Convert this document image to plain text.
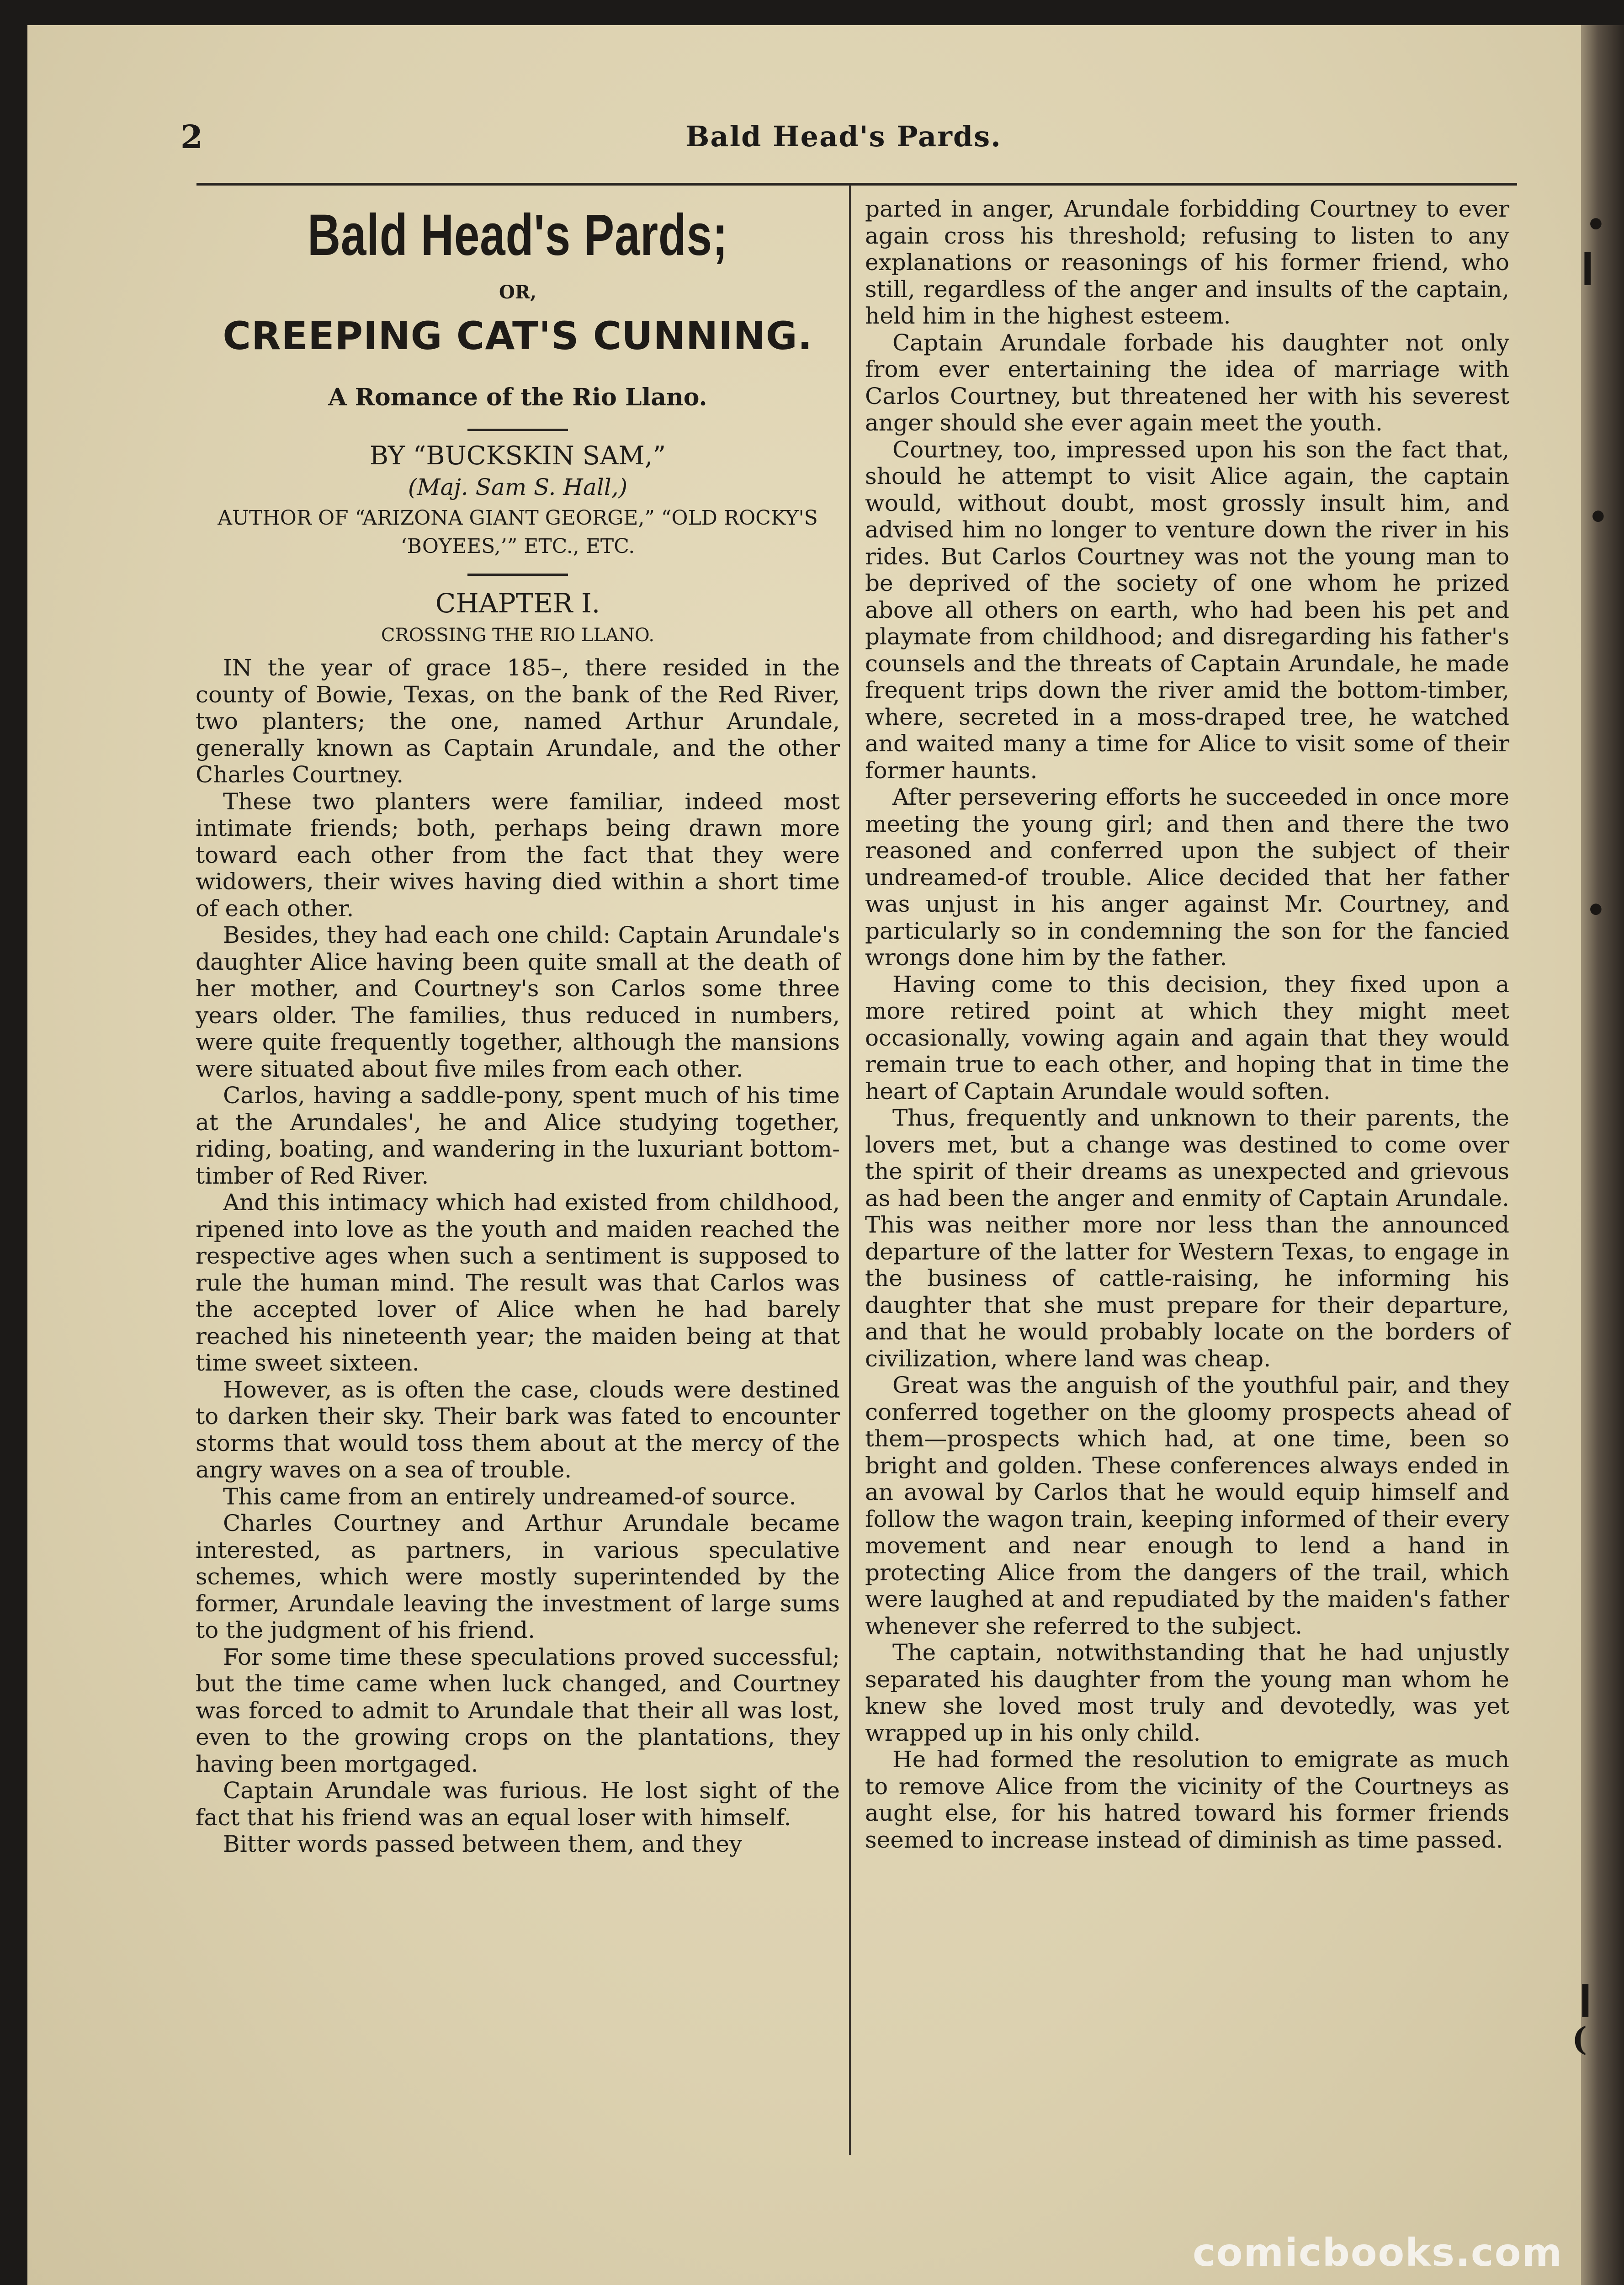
•
❙
•
•
❙
(
2	Bald Head's Pards.
Bald Head's Pards;
OR,
CREEPING CAT'S CUNNING.
A Romance of the Rio Llano.
BY “BUCKSKIN SAM,”
(Maj. Sam S. Hall,)
AUTHOR OF “ARIZONA GIANT GEORGE,” “OLD ROCKY'S ‘BOYEES,’” ETC., ETC.
CHAPTER I.
CROSSING THE RIO LLANO.

IN the year of grace 185–, there resided in the county of Bowie, Texas, on the bank of the Red River, two planters; the one, named Arthur Arundale, generally known as Captain Arundale, and the other Charles Courtney.

These two planters were familiar, indeed most intimate friends; both, perhaps being drawn more toward each other from the fact that they were widowers, their wives having died within a short time of each other.

Besides, they had each one child: Captain Arundale's daughter Alice having been quite small at the death of her mother, and Courtney's son Carlos some three years older. The families, thus reduced in numbers, were quite frequently together, although the mansions were situated about five miles from each other.

Carlos, having a saddle-pony, spent much of his time at the Arundales', he and Alice studying together, riding, boating, and wandering in the luxuriant bottom-timber of Red River.

And this intimacy which had existed from childhood, ripened into love as the youth and maiden reached the respective ages when such a sentiment is supposed to rule the human mind. The result was that Carlos was the accepted lover of Alice when he had barely reached his nineteenth year; the maiden being at that time sweet sixteen.

However, as is often the case, clouds were destined to darken their sky. Their bark was fated to encounter storms that would toss them about at the mercy of the angry waves on a sea of trouble.

This came from an entirely undreamed-of source.

Charles Courtney and Arthur Arundale became interested, as partners, in various speculative schemes, which were mostly superintended by the former, Arundale leaving the investment of large sums to the judgment of his friend.

For some time these speculations proved successful; but the time came when luck changed, and Courtney was forced to admit to Arundale that their all was lost, even to the growing crops on the plantations, they having been mortgaged.

Captain Arundale was furious. He lost sight of the fact that his friend was an equal loser with himself.

Bitter words passed between them, and they

parted in anger, Arundale forbidding Courtney to ever again cross his threshold; refusing to listen to any explanations or reasonings of his former friend, who still, regardless of the anger and insults of the captain, held him in the highest esteem.

Captain Arundale forbade his daughter not only from ever entertaining the idea of marriage with Carlos Courtney, but threatened her with his severest anger should she ever again meet the youth.

Courtney, too, impressed upon his son the fact that, should he attempt to visit Alice again, the captain would, without doubt, most grossly insult him, and advised him no longer to venture down the river in his rides. But Carlos Courtney was not the young man to be deprived of the society of one whom he prized above all others on earth, who had been his pet and playmate from childhood; and disregarding his father's counsels and the threats of Captain Arundale, he made frequent trips down the river amid the bottom-timber, where, secreted in a moss-draped tree, he watched and waited many a time for Alice to visit some of their former haunts.

After persevering efforts he succeeded in once more meeting the young girl; and then and there the two reasoned and conferred upon the subject of their undreamed-of trouble. Alice decided that her father was unjust in his anger against Mr. Courtney, and particularly so in condemning the son for the fancied wrongs done him by the father.

Having come to this decision, they fixed upon a more retired point at which they might meet occasionally, vowing again and again that they would remain true to each other, and hoping that in time the heart of Captain Arundale would soften.

Thus, frequently and unknown to their parents, the lovers met, but a change was destined to come over the spirit of their dreams as unexpected and grievous as had been the anger and enmity of Captain Arundale. This was neither more nor less than the announced departure of the latter for Western Texas, to engage in the business of cattle-raising, he informing his daughter that she must prepare for their departure, and that he would probably locate on the borders of civilization, where land was cheap.

Great was the anguish of the youthful pair, and they conferred together on the gloomy prospects ahead of them—prospects which had, at one time, been so bright and golden. These conferences always ended in an avowal by Carlos that he would equip himself and follow the wagon train, keeping informed of their every movement and near enough to lend a hand in protecting Alice from the dangers of the trail, which were laughed at and repudiated by the maiden's father whenever she referred to the subject.

The captain, notwithstanding that he had unjustly separated his daughter from the young man whom he knew she loved most truly and devotedly, was yet wrapped up in his only child.

He had formed the resolution to emigrate as much to remove Alice from the vicinity of the Courtneys as aught else, for his hatred toward his former friends seemed to increase instead of diminish as time passed.

comicbooks.com
